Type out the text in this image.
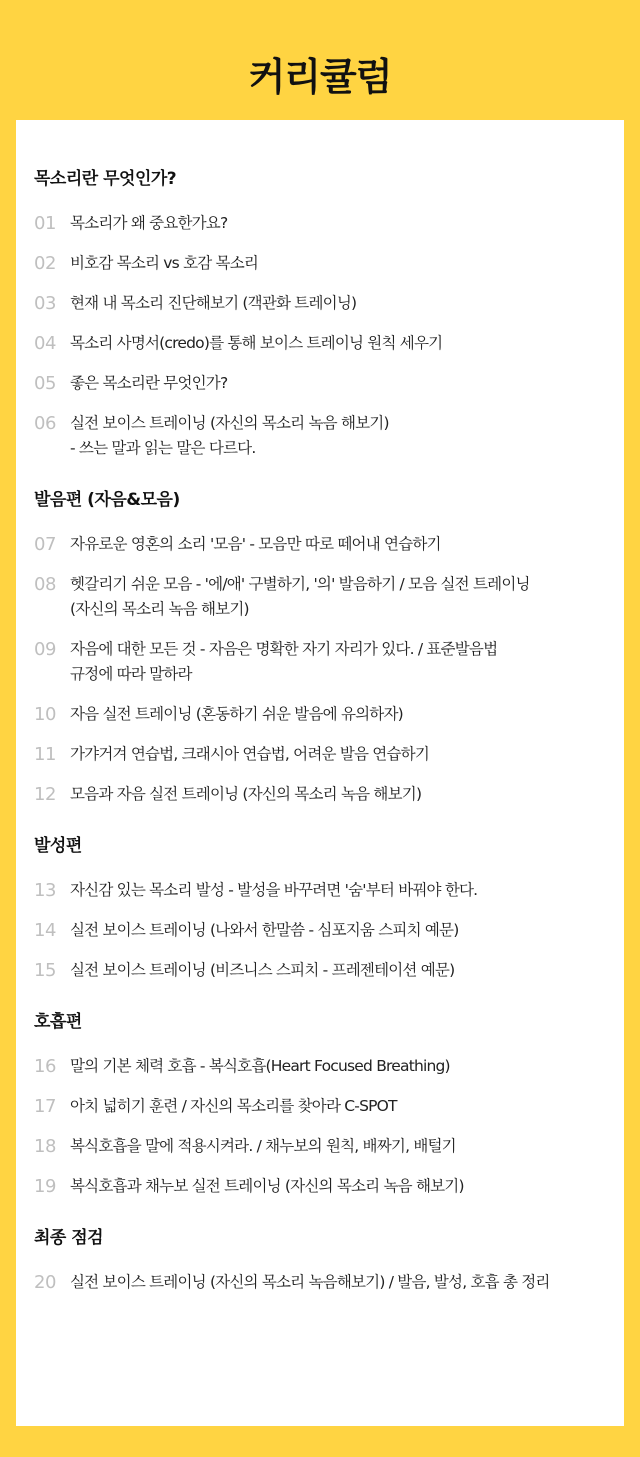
커리큘럼
목소리란 무엇인가?
01 목소리가 왜 중요한가요?
02 비호감 목소리 vs 호감 목소리
03 현재 내 목소리 진단해보기 (객관화 트레이닝)
04 목소리 사명서(credo)를 통해 보이스 트레이닝 원칙 세우기
05 좋은 목소리란 무엇인가?
06 실전 보이스 트레이닝 (자신의 목소리 녹음 해보기)
- 쓰는 말과 읽는 말은 다르다.
발음편 (자음&모음)
07 자유로운 영혼의 소리 '모음' - 모음만 따로 떼어내 연습하기
08 헷갈리기 쉬운 모음 - '에/애' 구별하기, '의' 발음하기 / 모음 실전 트레이닝
(자신의 목소리 녹음 해보기)
09 자음에 대한 모든 것 - 자음은 명확한 자기 자리가 있다. / 표준발음법
규정에 따라 말하라
10 자음 실전 트레이닝 (혼동하기 쉬운 발음에 유의하자)
11 가갸거겨 연습법, 크래시아 연습법, 어려운 발음 연습하기
12 모음과 자음 실전 트레이닝 (자신의 목소리 녹음 해보기)
발성편
13 자신감 있는 목소리 발성 - 발성을 바꾸려면 '숨'부터 바꿔야 한다.
14 실전 보이스 트레이닝 (나와서 한말씀 - 심포지움 스피치 예문)
15 실전 보이스 트레이닝 (비즈니스 스피치 - 프레젠테이션 예문)
호흡편
16 말의 기본 체력 호흡 - 복식호흡(Heart Focused Breathing)
17 아치 넓히기 훈련 / 자신의 목소리를 찾아라 C-SPOT
18 복식호흡을 말에 적용시켜라. / 채누보의 원칙, 배짜기, 배털기
19 복식호흡과 채누보 실전 트레이닝 (자신의 목소리 녹음 해보기)
최종 점검
20 실전 보이스 트레이닝 (자신의 목소리 녹음해보기) / 발음, 발성, 호흡 총 정리
